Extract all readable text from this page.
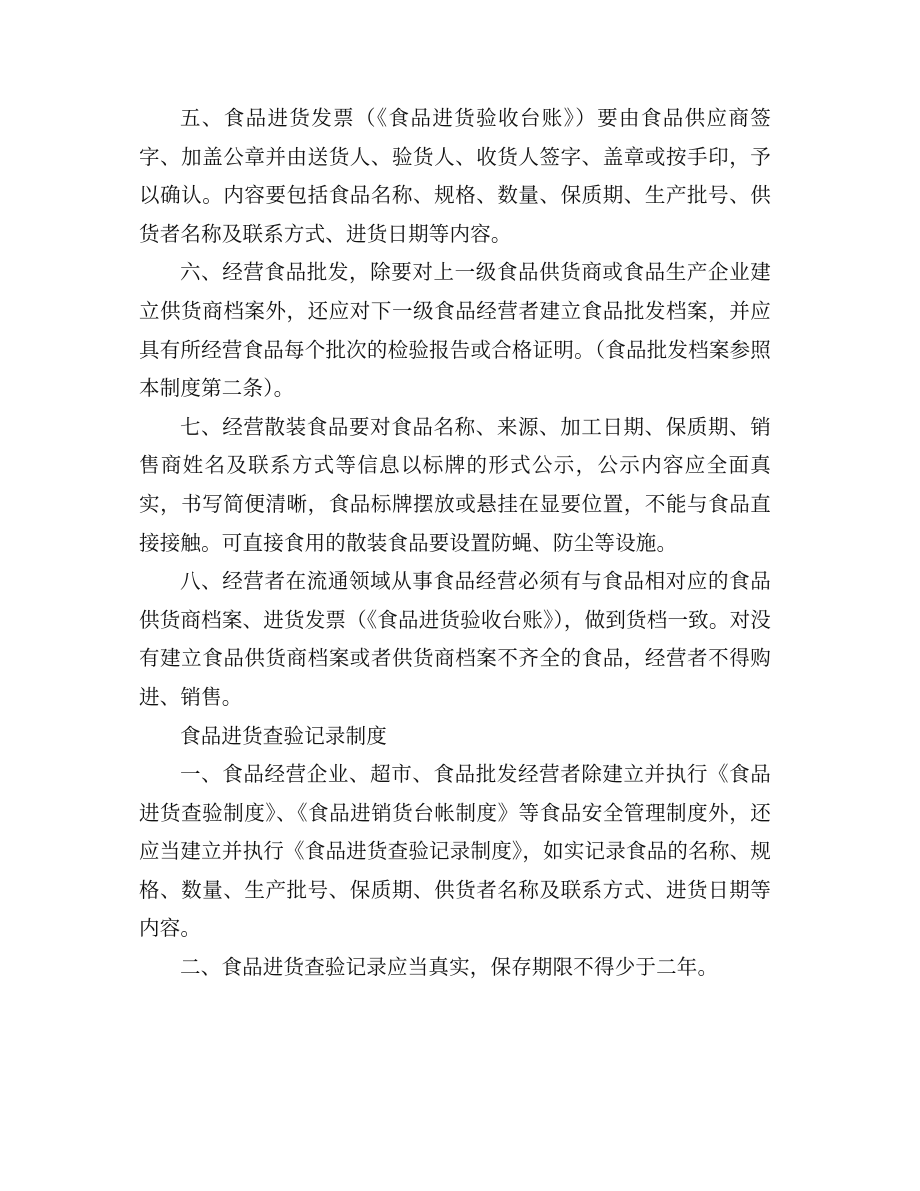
五、食品进货发票（《食品进货验收台账》）要由食品供应商签字、加盖公章并由送货人、验货人、收货人签字、盖章或按手印，予以确认。内容要包括食品名称、规格、数量、保质期、生产批号、供货者名称及联系方式、进货日期等内容。

六、经营食品批发，除要对上一级食品供货商或食品生产企业建立供货商档案外，还应对下一级食品经营者建立食品批发档案，并应具有所经营食品每个批次的检验报告或合格证明。（食品批发档案参照本制度第二条）。

七、经营散装食品要对食品名称、来源、加工日期、保质期、销售商姓名及联系方式等信息以标牌的形式公示，公示内容应全面真实，书写简便清晰，食品标牌摆放或悬挂在显要位置，不能与食品直接接触。可直接食用的散装食品要设置防蝇、防尘等设施。

八、经营者在流通领域从事食品经营必须有与食品相对应的食品供货商档案、进货发票（《食品进货验收台账》），做到货档一致。对没有建立食品供货商档案或者供货商档案不齐全的食品，经营者不得购进、销售。

食品进货查验记录制度

一、食品经营企业、超市、食品批发经营者除建立并执行《食品进货查验制度》、《食品进销货台帐制度》等食品安全管理制度外，还应当建立并执行《食品进货查验记录制度》，如实记录食品的名称、规格、数量、生产批号、保质期、供货者名称及联系方式、进货日期等内容。

二、食品进货查验记录应当真实，保存期限不得少于二年。
